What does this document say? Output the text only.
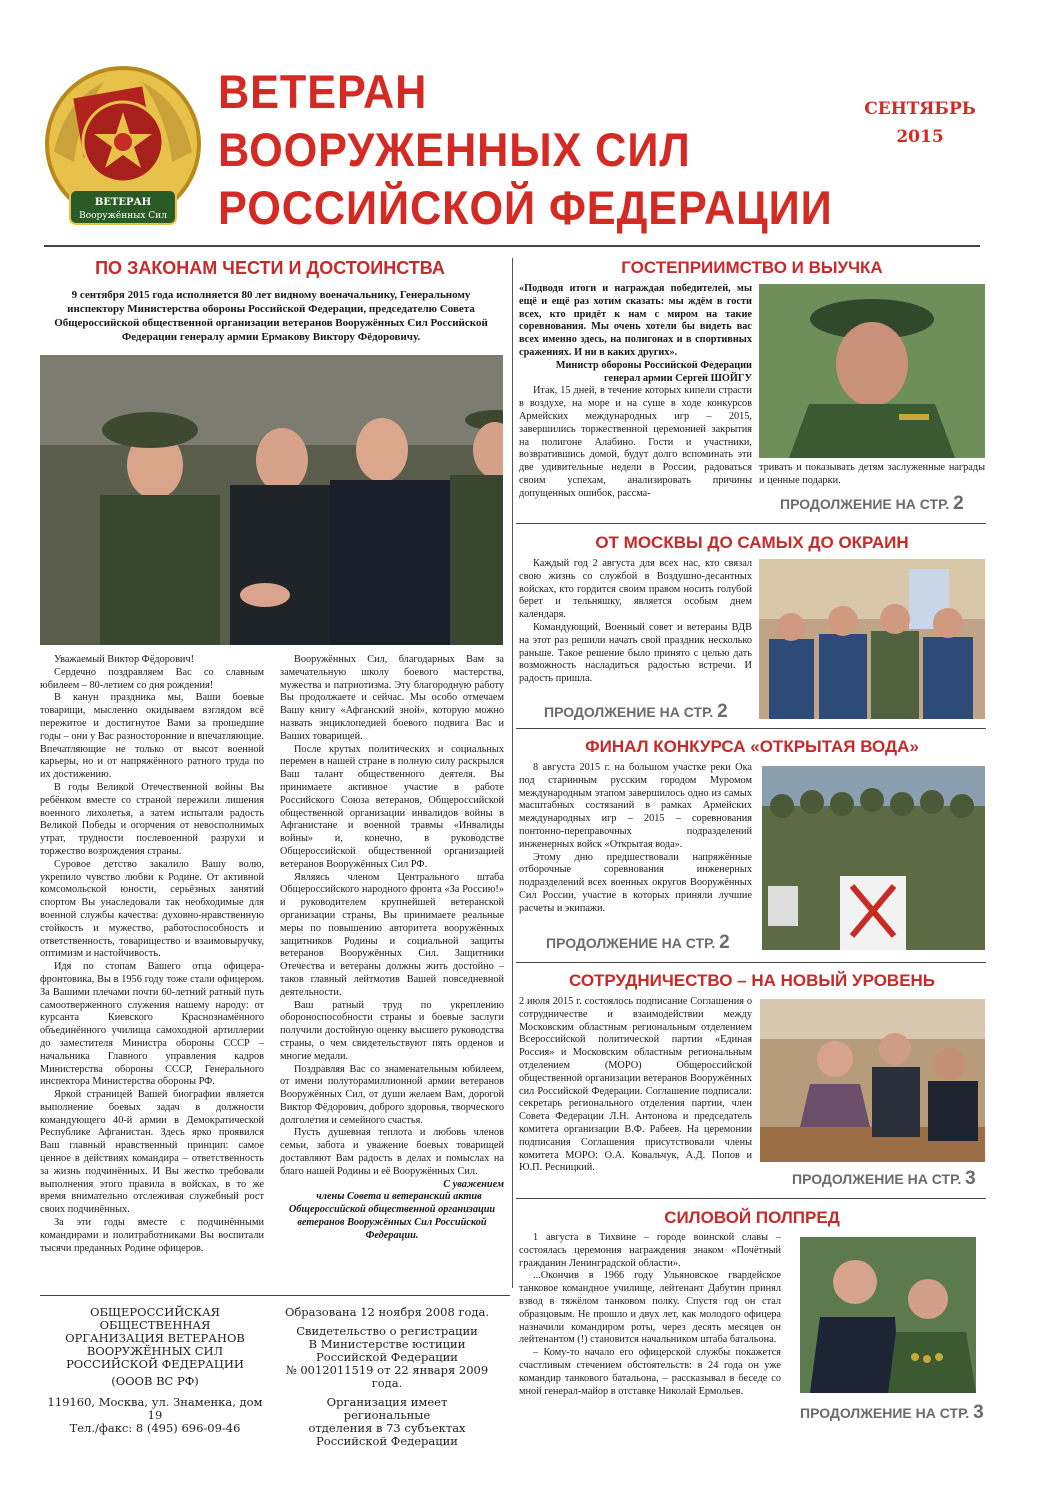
ВЕТЕРАН
Вооружённых Сил
ВЕТЕРАН
ВООРУЖЕННЫХ СИЛ
РОССИЙСКОЙ ФЕДЕРАЦИИ
СЕНТЯБРЬ
2015
ПО ЗАКОНАМ ЧЕСТИ И ДОСТОИНСТВА
9 сентября 2015 года исполняется 80 лет видному военачальнику, Генеральному инспектору Министерства обороны Российской Федерации, председателю Совета Общероссийской общественной организации ветеранов Вооружённых Сил Российской Федерации генералу армии Ермакову Виктору Фёдоровичу.

Уважаемый Виктор Фёдорович!

Сердечно поздравляем Вас со славным юбилеем – 80-летием со дня рождения!

В канун праздника мы, Ваши боевые товарищи, мысленно окидываем взглядом всё пережитое и достигнутое Вами за прошедшие годы – они у Вас разносторонние и впечатляющие. Впечатляющие не только от высот военной карьеры, но и от напряжённого ратного труда по их достижению.

В годы Великой Отечественной войны Вы ребёнком вместе со страной пережили лишения военного лихолетья, а затем испытали радость Великой Победы и огорчения от невосполнимых утрат, трудности послевоенной разрухи и торжество возрождения страны.

Суровое детство закалило Вашу волю, укрепило чувство любви к Родине. От активной комсомольской юности, серьёзных занятий спортом Вы унаследовали так необходимые для военной службы качества: духовно-нравственную стойкость и мужество, работоспособность и ответственность, товарищество и взаимовыручку, оптимизм и настойчивость.

Идя по стопам Вашего отца офицера-фронтовика, Вы в 1956 году тоже стали офицером. За Вашими плечами почти 60-летний ратный путь самоотверженного служения нашему народу: от курсанта Киевского Краснознамённого объединённого училища самоходной артиллерии до заместителя Министра обороны СССР – начальника Главного управления кадров Министерства обороны СССР, Генерального инспектора Министерства обороны РФ.

Яркой страницей Вашей биографии является выполнение боевых задач в должности командующего 40-й армии в Демократической Республике Афганистан. Здесь ярко проявился Ваш главный нравственный принцип: самое ценное в действиях командира – ответственность за жизнь подчинённых. И Вы жестко требовали выполнения этого правила в войсках, в то же время внимательно отслеживая служебный рост своих подчинённых.

За эти годы вместе с подчинёнными командирами и политработниками Вы воспитали тысячи преданных Родине офицеров.

Вооружённых Сил, благодарных Вам за замечательную школу боевого мастерства, мужества и патриотизма. Эту благородную работу Вы продолжаете и сейчас. Мы особо отмечаем Вашу книгу «Афганский зной», которую можно назвать энциклопедией боевого подвига Вас и Ваших товарищей.

После крутых политических и социальных перемен в нашей стране в полную силу раскрылся Ваш талант общественного деятеля. Вы принимаете активное участие в работе Российского Союза ветеранов, Общероссийской общественной организации инвалидов войны в Афганистане и военной травмы «Инвалиды войны» и, конечно, в руководстве Общероссийской общественной организацией ветеранов Вооружённых Сил РФ.

Являясь членом Центрального штаба Общероссийского народного фронта «За Россию!» и руководителем крупнейшей ветеранской организации страны, Вы принимаете реальные меры по повышению авторитета вооружённых защитников Родины и социальной защиты ветеранов Вооружённых Сил. Защитники Отечества и ветераны должны жить достойно – таков главный лейтмотив Вашей повседневной деятельности.

Ваш ратный труд по укреплению обороноспособности страны и боевые заслуги получили достойную оценку высшего руководства страны, о чем свидетельствуют пять орденов и многие медали.

Поздравляя Вас со знаменательным юбилеем, от имени полуторамиллионной армии ветеранов Вооружённых Сил, от души желаем Вам, дорогой Виктор Фёдорович, доброго здоровья, творческого долголетия и семейного счастья.

Пусть душевная теплота и любовь членов семьи, забота и уважение боевых товарищей доставляют Вам радость в делах и помыслах на благо нашей Родины и её Вооружённых Сил.

С уважением

члены Совета и ветеранский актив Общероссийской общественной организации ветеранов Вооружённых Сил Российской Федерации.

ГОСТЕПРИИМСТВО И ВЫУЧКА

«Подводя итоги и награждая победителей, мы ещё и ещё раз хотим сказать: мы ждём в гости всех, кто придёт к нам с миром на такие соревнования. Мы очень хотели бы видеть вас всех именно здесь, на полигонах и в спортивных сражениях. И ни в каких других».

Министр обороны Российской Федерации генерал армии Сергей ШОЙГУ

Итак, 15 дней, в течение которых кипели страсти в воздухе, на море и на суше в ходе конкурсов Армейских международных игр – 2015, завершились торжественной церемонией закрытия на полигоне Алабино. Гости и участники, возвратившись домой, будут долго вспоминать эти две удивительные недели в России, радоваться своим успехам, анализировать причины допущенных ошибок, рассма-

тривать и показывать детям заслуженные награды и ценные подарки.
ПРОДОЛЖЕНИЕ НА СТР. 2
ОТ МОСКВЫ ДО САМЫХ ДО ОКРАИН

Каждый год 2 августа для всех нас, кто связал свою жизнь со службой в Воздушно-десантных войсках, кто гордится своим правом носить голубой берет и тельняшку, является особым днем календаря.

Командующий, Военный совет и ветераны ВДВ на этот раз решили начать свой праздник несколько раньше. Такое решение было принято с целью дать возможность насладиться радостью встречи. И радость пришла.

ПРОДОЛЖЕНИЕ НА СТР. 2
ФИНАЛ КОНКУРСА «ОТКРЫТАЯ ВОДА»

8 августа 2015 г. на большом участке реки Ока под старинным русским городом Муромом международным этапом завершилось одно из самых масштабных состязаний в рамках Армейских международных игр – 2015 – соревнования понтонно-переправочных подразделений инженерных войск «Открытая вода».

Этому дню предшествовали напряжённые отборочные соревнования инженерных подразделений всех военных округов Вооружённых Сил России, участие в которых приняли лучшие расчеты и экипажи.

ПРОДОЛЖЕНИЕ НА СТР. 2
СОТРУДНИЧЕСТВО – НА НОВЫЙ УРОВЕНЬ

2 июля 2015 г. состоялось подписание Соглашения о сотрудничестве и взаимодействии между Московским областным региональным отделением Всероссийской политической партии «Единая Россия» и Московским областным региональным отделением (МОРО) Общероссийской общественной организации ветеранов Вооружённых сил Российской Федерации. Соглашение подписали: секретарь регионального отделения партии, член Совета Федерации Л.Н. Антонова и председатель комитета организации В.Ф. Рабеев. На церемонии подписания Соглашения присутствовали члены комитета МОРО: О.А. Ковальчук, А.Д. Попов и Ю.П. Ресницкий.

ПРОДОЛЖЕНИЕ НА СТР. 3
СИЛОВОЙ ПОЛПРЕД

1 августа в Тихвине – городе воинской славы – состоялась церемония награждения знаком «Почётный гражданин Ленинградской области».

...Окончив в 1966 году Ульяновское гвардейское танковое командное училище, лейтенант Дабутин принял взвод в тяжёлом танковом полку. Спустя год он стал образцовым. Не прошло и двух лет, как молодого офицера назначили командиром роты, через десять месяцев он лейтенантом (!) становится начальником штаба батальона.

– Кому-то начало его офицерской службы покажется счастливым стечением обстоятельств: в 24 года он уже командир танкового батальона, – рассказывал в беседе со мной генерал-майор в отставке Николай Ермольев.

ПРОДОЛЖЕНИЕ НА СТР. 3
ОБЩЕРОССИЙСКАЯ
ОБЩЕСТВЕННАЯ
ОРГАНИЗАЦИЯ ВЕТЕРАНОВ
ВООРУЖЁННЫХ СИЛ
РОССИЙСКОЙ ФЕДЕРАЦИИ
(ОООВ ВС РФ)
119160, Москва, ул. Знаменка, дом 19
Тел./факс: 8 (495) 696-09-46
Образована 12 ноября 2008 года.
Свидетельство о регистрации
В Министерстве юстиции
Российской Федерации
№ 0012011519 от 22 января 2009 года.
Организация имеет региональные
отделения в 73 субъектах
Российской Федерации
